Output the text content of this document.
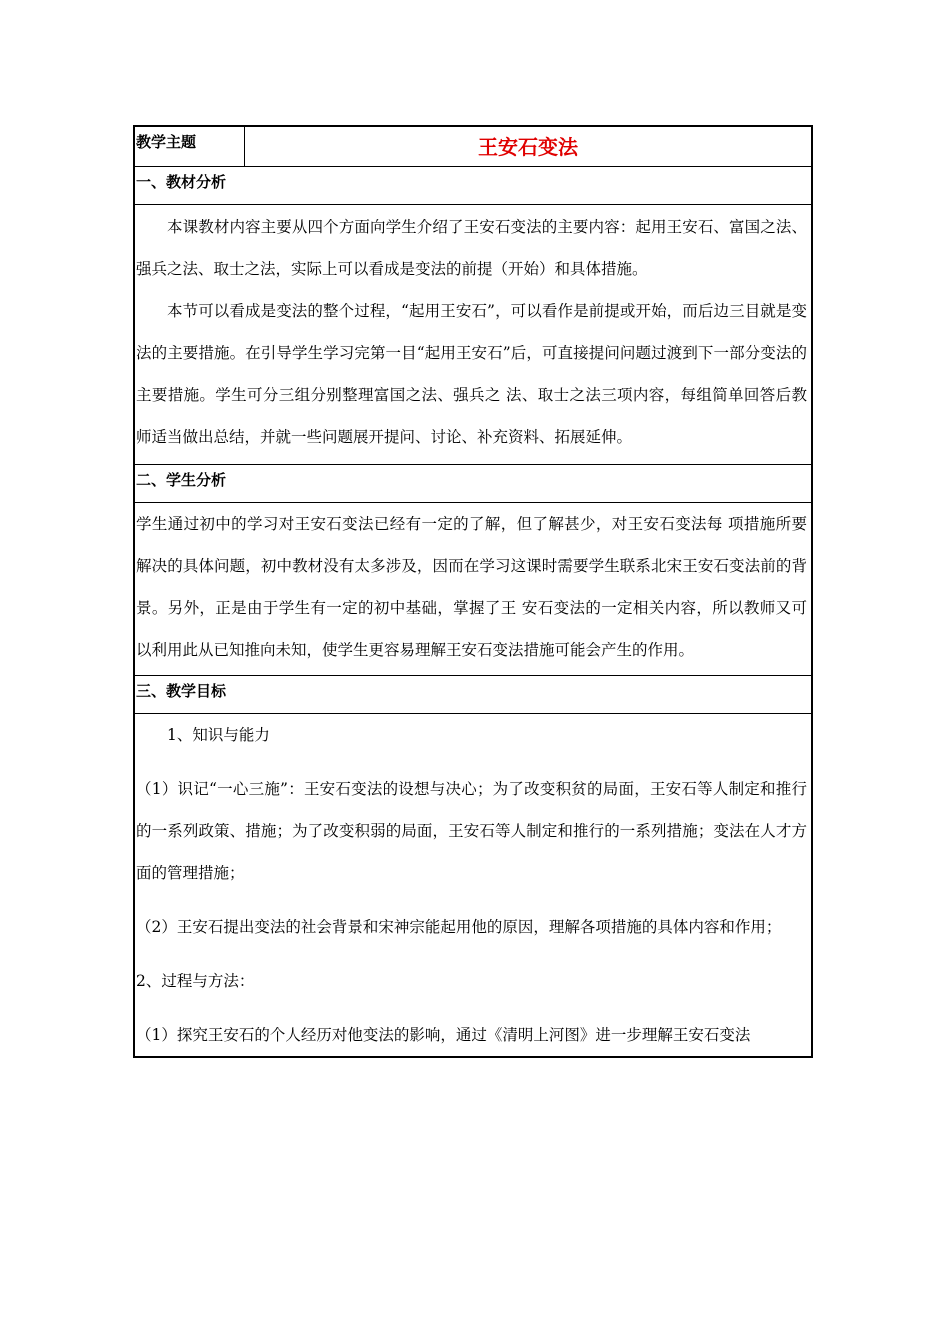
教学主题	王安石变法
一、教材分析

本课教材内容主要从四个方面向学生介绍了王安石变法的主要内容：起用王安石、富国之法、强兵之法、取士之法，实际上可以看成是变法的前提（开始）和具体措施。

本节可以看成是变法的整个过程，“起用王安石”，可以看作是前提或开始，而后边三目就是变法的主要措施。在引导学生学习完第一目“起用王安石”后，可直接提问问题过渡到下一部分变法的主要措施。学生可分三组分别整理富国之法、强兵之 法、取士之法三项内容，每组简单回答后教师适当做出总结，并就一些问题展开提问、讨论、补充资料、拓展延伸。

二、学生分析

学生通过初中的学习对王安石变法已经有一定的了解，但了解甚少，对王安石变法每 项措施所要解决的具体问题，初中教材没有太多涉及，因而在学习这课时需要学生联系北宋王安石变法前的背景。另外，正是由于学生有一定的初中基础，掌握了王 安石变法的一定相关内容，所以教师又可以利用此从已知推向未知，使学生更容易理解王安石变法措施可能会产生的作用。

三、教学目标

1、知识与能力

（1）识记“一心三施”：王安石变法的设想与决心；为了改变积贫的局面，王安石等人制定和推行的一系列政策、措施；为了改变积弱的局面，王安石等人制定和推行的一系列措施；变法在人才方面的管理措施；

（2）王安石提出变法的社会背景和宋神宗能起用他的原因，理解各项措施的具体内容和作用；

2、过程与方法：

（1）探究王安石的个人经历对他变法的影响，通过《清明上河图》进一步理解王安石变法
